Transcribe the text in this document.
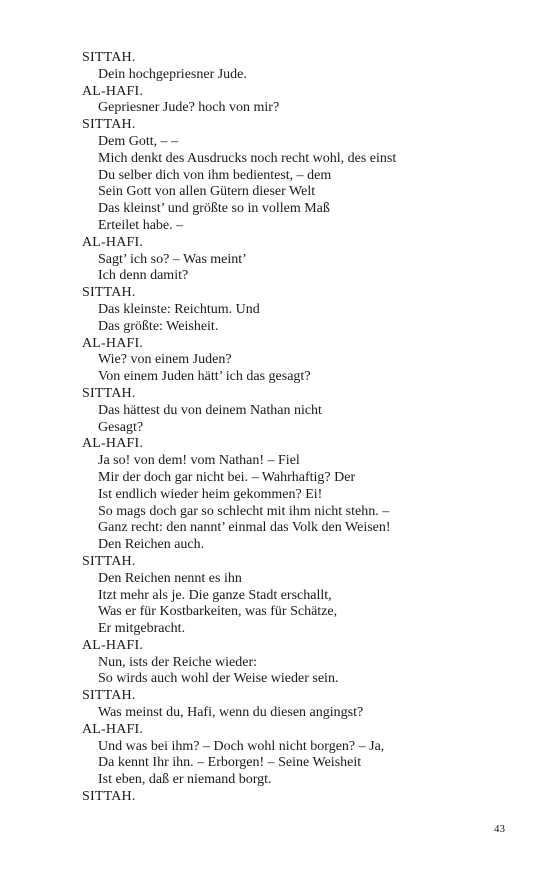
SITTAH.
Dein hochgepriesner Jude.
AL-HAFI.
Gepriesner Jude? hoch von mir?
SITTAH.
Dem Gott, – –
Mich denkt des Ausdrucks noch recht wohl, des einst
Du selber dich von ihm bedientest, – dem
Sein Gott von allen Gütern dieser Welt
Das kleinst’ und größte so in vollem Maß
Erteilet habe. –
AL-HAFI.
Sagt’ ich so? – Was meint’
Ich denn damit?
SITTAH.
Das kleinste: Reichtum. Und
Das größte: Weisheit.
AL-HAFI.
Wie? von einem Juden?
Von einem Juden hätt’ ich das gesagt?
SITTAH.
Das hättest du von deinem Nathan nicht
Gesagt?
AL-HAFI.
Ja so! von dem! vom Nathan! – Fiel
Mir der doch gar nicht bei. – Wahrhaftig? Der
Ist endlich wieder heim gekommen? Ei!
So mags doch gar so schlecht mit ihm nicht stehn. –
Ganz recht: den nannt’ einmal das Volk den Weisen!
Den Reichen auch.
SITTAH.
Den Reichen nennt es ihn
Itzt mehr als je. Die ganze Stadt erschallt,
Was er für Kostbarkeiten, was für Schätze,
Er mitgebracht.
AL-HAFI.
Nun, ists der Reiche wieder:
So wirds auch wohl der Weise wieder sein.
SITTAH.
Was meinst du, Hafi, wenn du diesen angingst?
AL-HAFI.
Und was bei ihm? – Doch wohl nicht borgen? – Ja,
Da kennt Ihr ihn. – Erborgen! – Seine Weisheit
Ist eben, daß er niemand borgt.
SITTAH.
43
